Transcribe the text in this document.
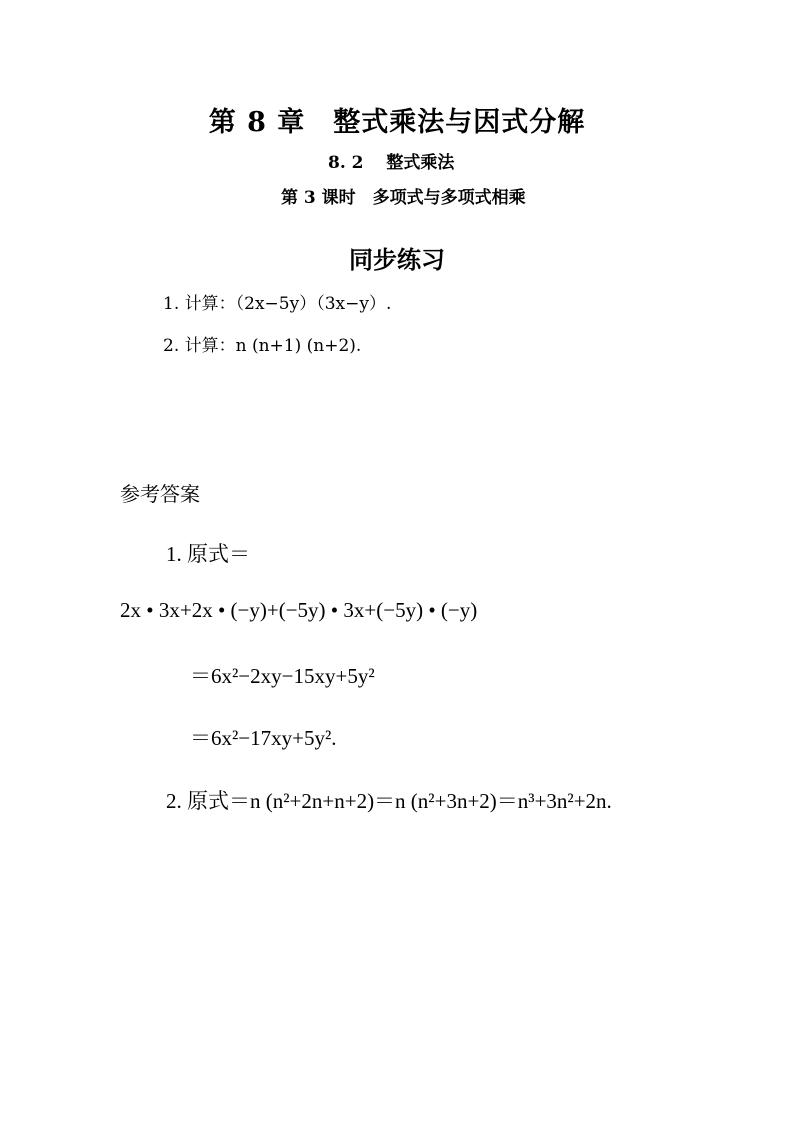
第 8 章　整式乘法与因式分解
8. 2　 整式乘法
第 3 课时　多项式与多项式相乘
同步练习
1. 计算：（2x−5y）（3x−y）.
2. 计算：n (n+1) (n+2).
参考答案
1. 原式＝
2x • 3x+2x • (−y)+(−5y) • 3x+(−5y) • (−y)
＝6x²−2xy−15xy+5y²
＝6x²−17xy+5y².
2. 原式＝n (n²+2n+n+2)＝n (n²+3n+2)＝n³+3n²+2n.
